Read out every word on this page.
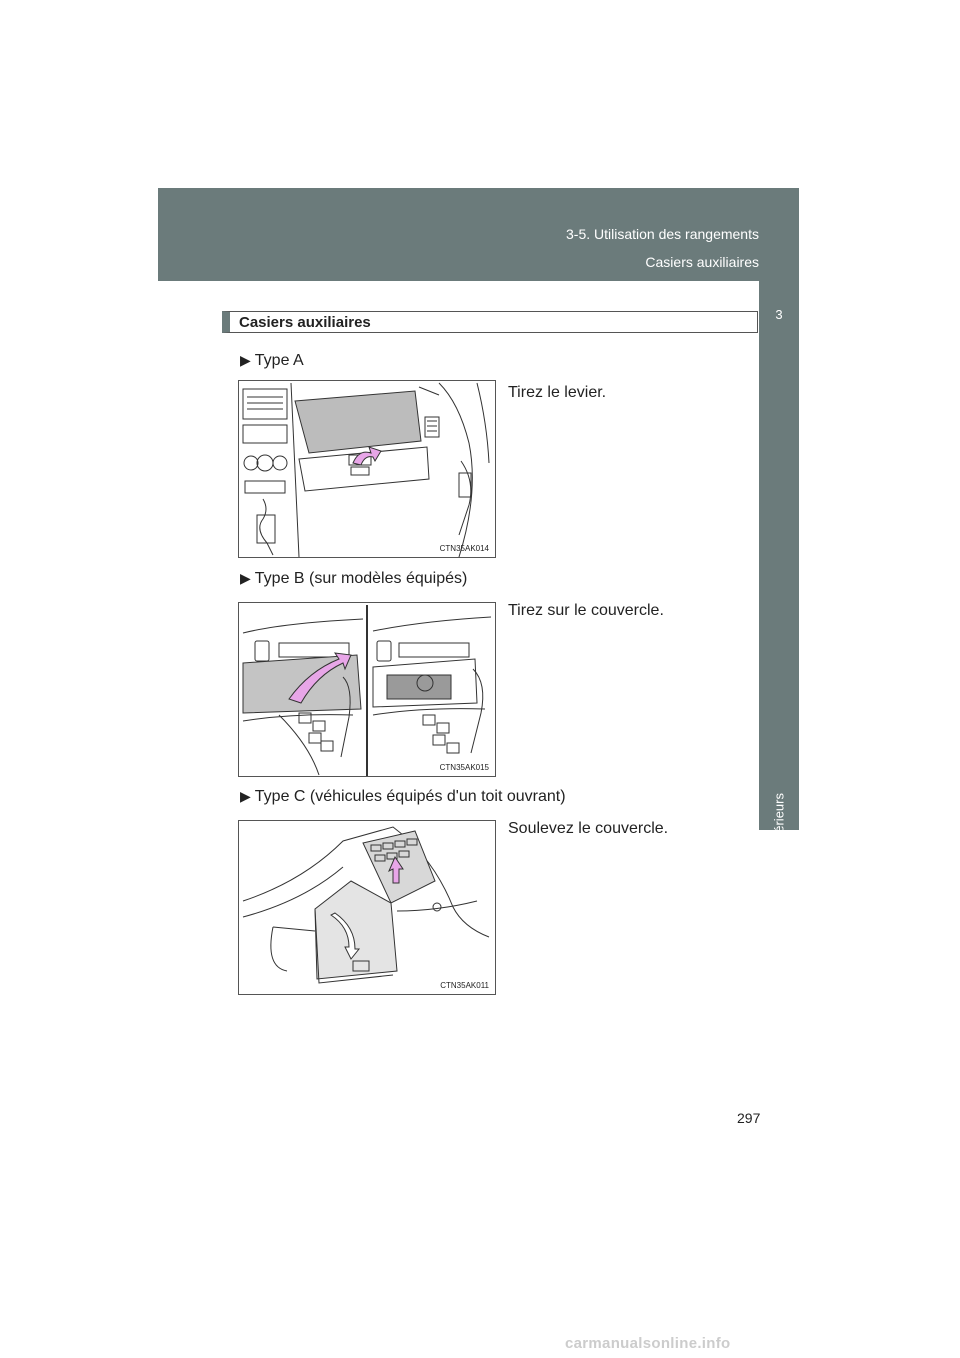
3-5. Utilisation des rangements
Casiers auxiliaires
3
Équipements intérieurs
Casiers auxiliaires
▶ Type A
Tirez le levier.
CTN35AK014
▶ Type B (sur modèles équipés)
Tirez sur le couvercle.
CTN35AK015
▶ Type C (véhicules équipés d'un toit ouvrant)
Soulevez le couvercle.
CTN35AK011
297
carmanualsonline.info
